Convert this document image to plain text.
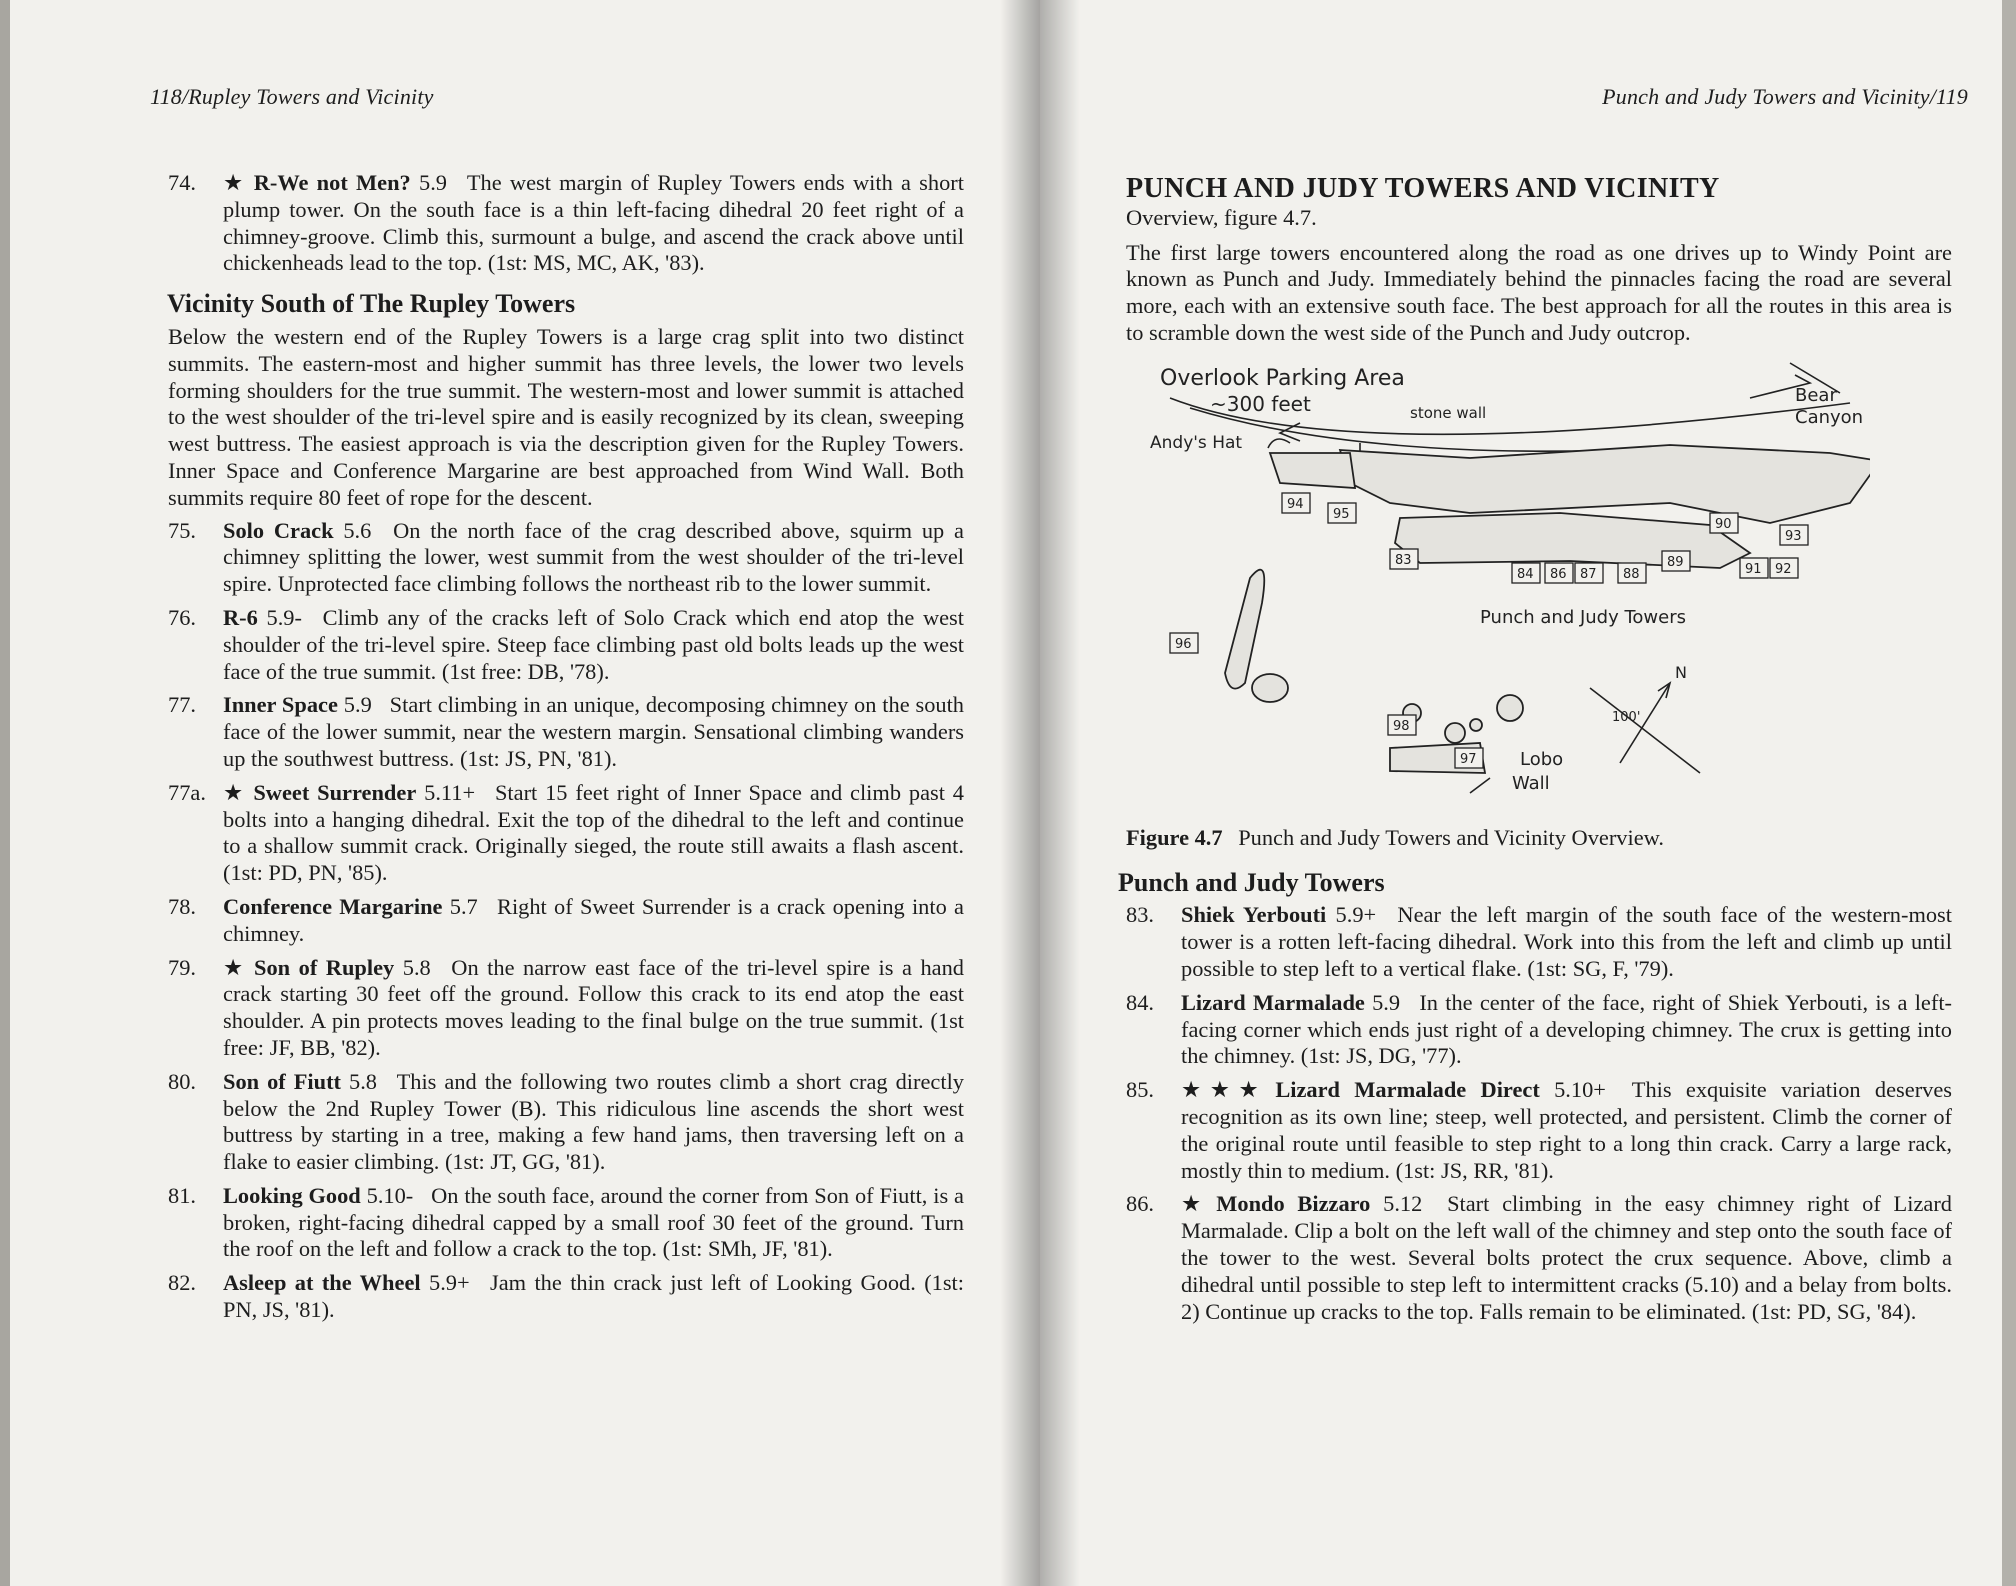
118/Rupley Towers and Vicinity
74. ★ R-We not Men? 5.9 The west margin of Rupley Towers ends with a short plump tower. On the south face is a thin left-facing dihedral 20 feet right of a chimney-groove. Climb this, surmount a bulge, and ascend the crack above until chickenheads lead to the top. (1st: MS, MC, AK, '83).
Vicinity South of The Rupley Towers
Below the western end of the Rupley Towers is a large crag split into two distinct summits. The eastern-most and higher summit has three levels, the lower two levels forming shoulders for the true summit. The western-most and lower summit is attached to the west shoulder of the tri-level spire and is easily recognized by its clean, sweeping west buttress. The easiest approach is via the description given for the Rupley Towers. Inner Space and Conference Margarine are best approached from Wind Wall. Both summits require 80 feet of rope for the descent.
75. Solo Crack 5.6 On the north face of the crag described above, squirm up a chimney splitting the lower, west summit from the west shoulder of the tri-level spire. Unprotected face climbing follows the northeast rib to the lower summit.
76. R-6 5.9- Climb any of the cracks left of Solo Crack which end atop the west shoulder of the tri-level spire. Steep face climbing past old bolts leads up the west face of the true summit. (1st free: DB, '78).
77. Inner Space 5.9 Start climbing in an unique, decomposing chimney on the south face of the lower summit, near the western margin. Sensational climbing wanders up the southwest buttress. (1st: JS, PN, '81).
77a. ★ Sweet Surrender 5.11+ Start 15 feet right of Inner Space and climb past 4 bolts into a hanging dihedral. Exit the top of the dihedral to the left and continue to a shallow summit crack. Originally sieged, the route still awaits a flash ascent. (1st: PD, PN, '85).
78. Conference Margarine 5.7 Right of Sweet Surrender is a crack opening into a chimney.
79. ★ Son of Rupley 5.8 On the narrow east face of the tri-level spire is a hand crack starting 30 feet off the ground. Follow this crack to its end atop the east shoulder. A pin protects moves leading to the final bulge on the true summit. (1st free: JF, BB, '82).
80. Son of Fiutt 5.8 This and the following two routes climb a short crag directly below the 2nd Rupley Tower (B). This ridiculous line ascends the short west buttress by starting in a tree, making a few hand jams, then traversing left on a flake to easier climbing. (1st: JT, GG, '81).
81. Looking Good 5.10- On the south face, around the corner from Son of Fiutt, is a broken, right-facing dihedral capped by a small roof 30 feet of the ground. Turn the roof on the left and follow a crack to the top. (1st: SMh, JF, '81).
82. Asleep at the Wheel 5.9+ Jam the thin crack just left of Looking Good. (1st: PN, JS, '81).
Punch and Judy Towers and Vicinity/119
PUNCH AND JUDY TOWERS AND VICINITY
Overview, figure 4.7.
The first large towers encountered along the road as one drives up to Windy Point are known as Punch and Judy. Immediately behind the pinnacles facing the road are several more, each with an extensive south face. The best approach for all the routes in this area is to scramble down the west side of the Punch and Judy outcrop.
Overlook Parking Area
~300 feet	stone wall
Bear
Canyon
Andy's Hat
Punch and Judy Towers
N
100'
Lobo
Wall
94
95
83
84 86 87 88
89
90
91 92
93
96
98
97
Figure 4.7 Punch and Judy Towers and Vicinity Overview.
Punch and Judy Towers
83. Shiek Yerbouti 5.9+ Near the left margin of the south face of the western-most tower is a rotten left-facing dihedral. Work into this from the left and climb up until possible to step left to a vertical flake. (1st: SG, F, '79).
84. Lizard Marmalade 5.9 In the center of the face, right of Shiek Yerbouti, is a left-facing corner which ends just right of a developing chimney. The crux is getting into the chimney. (1st: JS, DG, '77).
85. ★★★ Lizard Marmalade Direct 5.10+ This exquisite variation deserves recognition as its own line; steep, well protected, and persistent. Climb the corner of the original route until feasible to step right to a long thin crack. Carry a large rack, mostly thin to medium. (1st: JS, RR, '81).
86. ★ Mondo Bizzaro 5.12 Start climbing in the easy chimney right of Lizard Marmalade. Clip a bolt on the left wall of the chimney and step onto the south face of the tower to the west. Several bolts protect the crux sequence. Above, climb a dihedral until possible to step left to intermittent cracks (5.10) and a belay from bolts. 2) Continue up cracks to the top. Falls remain to be eliminated. (1st: PD, SG, '84).
